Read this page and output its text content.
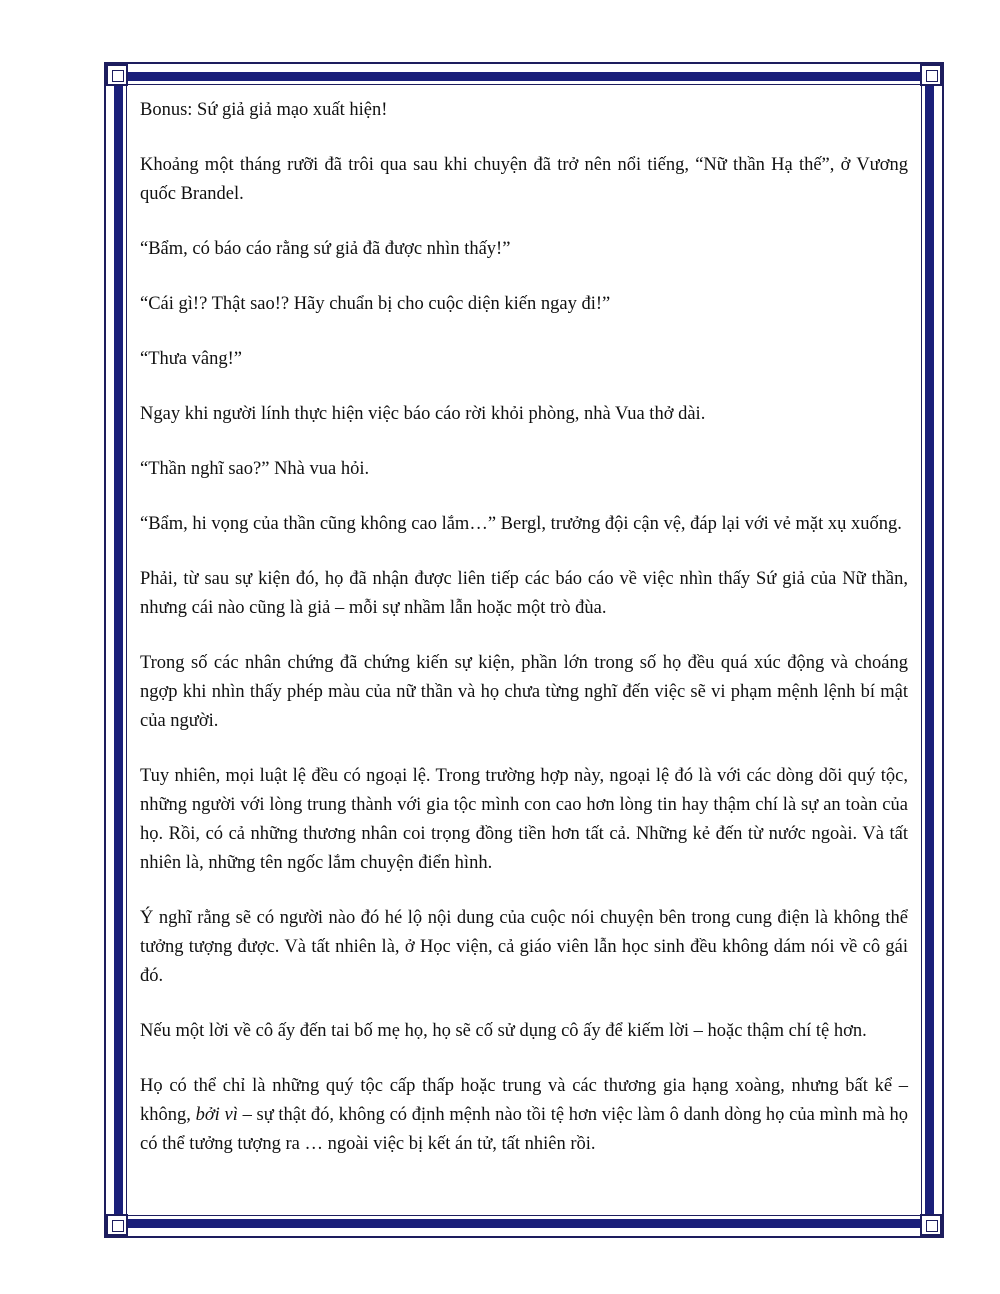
Bonus: Sứ giả giả mạo xuất hiện!

Khoảng một tháng rưỡi đã trôi qua sau khi chuyện đã trở nên nổi tiếng, “Nữ thần Hạ thế”, ở Vương quốc Brandel.

“Bẩm, có báo cáo rằng sứ giả đã được nhìn thấy!”

“Cái gì!? Thật sao!? Hãy chuẩn bị cho cuộc diện kiến ngay đi!”

“Thưa vâng!”

Ngay khi người lính thực hiện việc báo cáo rời khỏi phòng, nhà Vua thở dài.

“Thần nghĩ sao?” Nhà vua hỏi.

“Bẩm, hi vọng của thần cũng không cao lắm…” Bergl, trưởng đội cận vệ, đáp lại với vẻ mặt xụ xuống.

Phải, từ sau sự kiện đó, họ đã nhận được liên tiếp các báo cáo về việc nhìn thấy Sứ giả của Nữ thần, nhưng cái nào cũng là giả – mỗi sự nhầm lẫn hoặc một trò đùa.

Trong số các nhân chứng đã chứng kiến sự kiện, phần lớn trong số họ đều quá xúc động và choáng ngợp khi nhìn thấy phép màu của nữ thần và họ chưa từng nghĩ đến việc sẽ vi phạm mệnh lệnh bí mật của người.

Tuy nhiên, mọi luật lệ đều có ngoại lệ. Trong trường hợp này, ngoại lệ đó là với các dòng dõi quý tộc, những người với lòng trung thành với gia tộc mình con cao hơn lòng tin hay thậm chí là sự an toàn của họ. Rồi, có cả những thương nhân coi trọng đồng tiền hơn tất cả. Những kẻ đến từ nước ngoài. Và tất nhiên là, những tên ngốc lắm chuyện điển hình.

Ý nghĩ rằng sẽ có người nào đó hé lộ nội dung của cuộc nói chuyện bên trong cung điện là không thể tưởng tượng được. Và tất nhiên là, ở Học viện, cả giáo viên lẫn học sinh đều không dám nói về cô gái đó.

Nếu một lời về cô ấy đến tai bố mẹ họ, họ sẽ cố sử dụng cô ấy để kiếm lời – hoặc thậm chí tệ hơn.

Họ có thể chỉ là những quý tộc cấp thấp hoặc trung và các thương gia hạng xoàng, nhưng bất kể – không, bởi vì – sự thật đó, không có định mệnh nào tồi tệ hơn việc làm ô danh dòng họ của mình mà họ có thể tưởng tượng ra … ngoài việc bị kết án tử, tất nhiên rồi.
